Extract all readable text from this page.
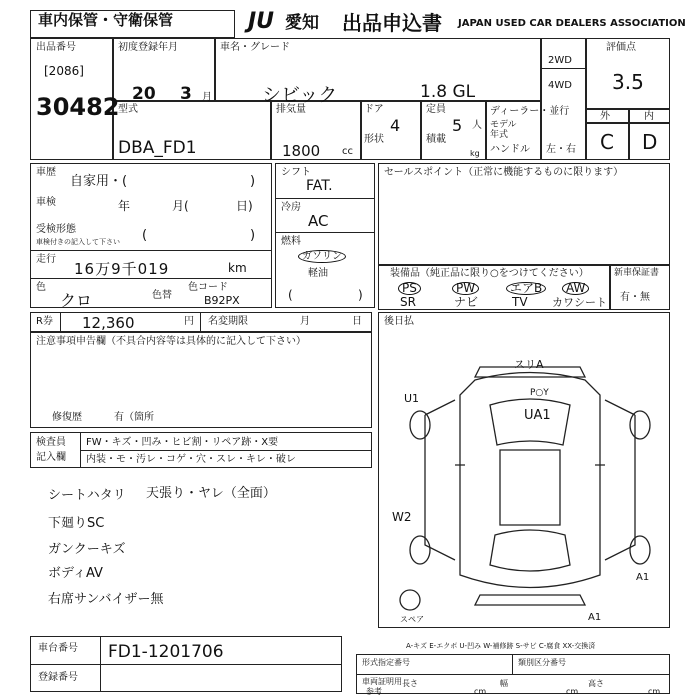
車内保管・守衛保管	JU 愛知 出品申込書 JAPAN USED CAR DEALERS ASSOCIATION
出品番号
[2086]
30482
初度登録年月
20 3 月
車名・グレード
シビック	1.8 GL
2WD
4WD
評価点
3.5
外	内
C D
型式
DBA_FD1
排気量
1800 cc
ドア
4
形状
定員
5 人
積載
kg
ディーラー・並行
モデル
年式
ハンドル 左・右
車歴
自家用・(	)
車検	年	月(	日)
受検形態
車検付きの記入して下さい (	)
走行
16万9千019	km
色
クロ	色替
色コード
B92PX
シフト
FAT.
冷房
AC
燃料
ガソリン
軽油
(	)
セールスポイント（正常に機能するものに限ります）
装備品（純正品に限り○をつけてください）
PS	PW	エアB	AW
SR	ナビ	TV カワシート
新車保証書
有・無
R券 12,360	円 名変期限	月	日 後日払
注意事項申告欄（不具合内容等は具体的に記入して下さい）
修復歴	有（箇所
検査員
記入欄
FW・キズ・凹み・ヒビ割・リペア跡・X要
内装・モ・汚レ・コゲ・穴・スレ・キレ・破レ
シートハタリ 天張り・ヤレ（全面）
下廻りSC
ガンクーキズ
ボディAV
右席サンバイザー無
スリA
P○Y
UA1
U1
W2
A1
A1
スペア
A-キズ E-エクボ U-凹み W-補修跡 S-サビ C-腐食 XX-交換済
車台番号 FD1-1201706
登録番号
形式指定番号	類別区分番号
車両証明用
参考
長さ	幅	高さ
cm	cm	cm
